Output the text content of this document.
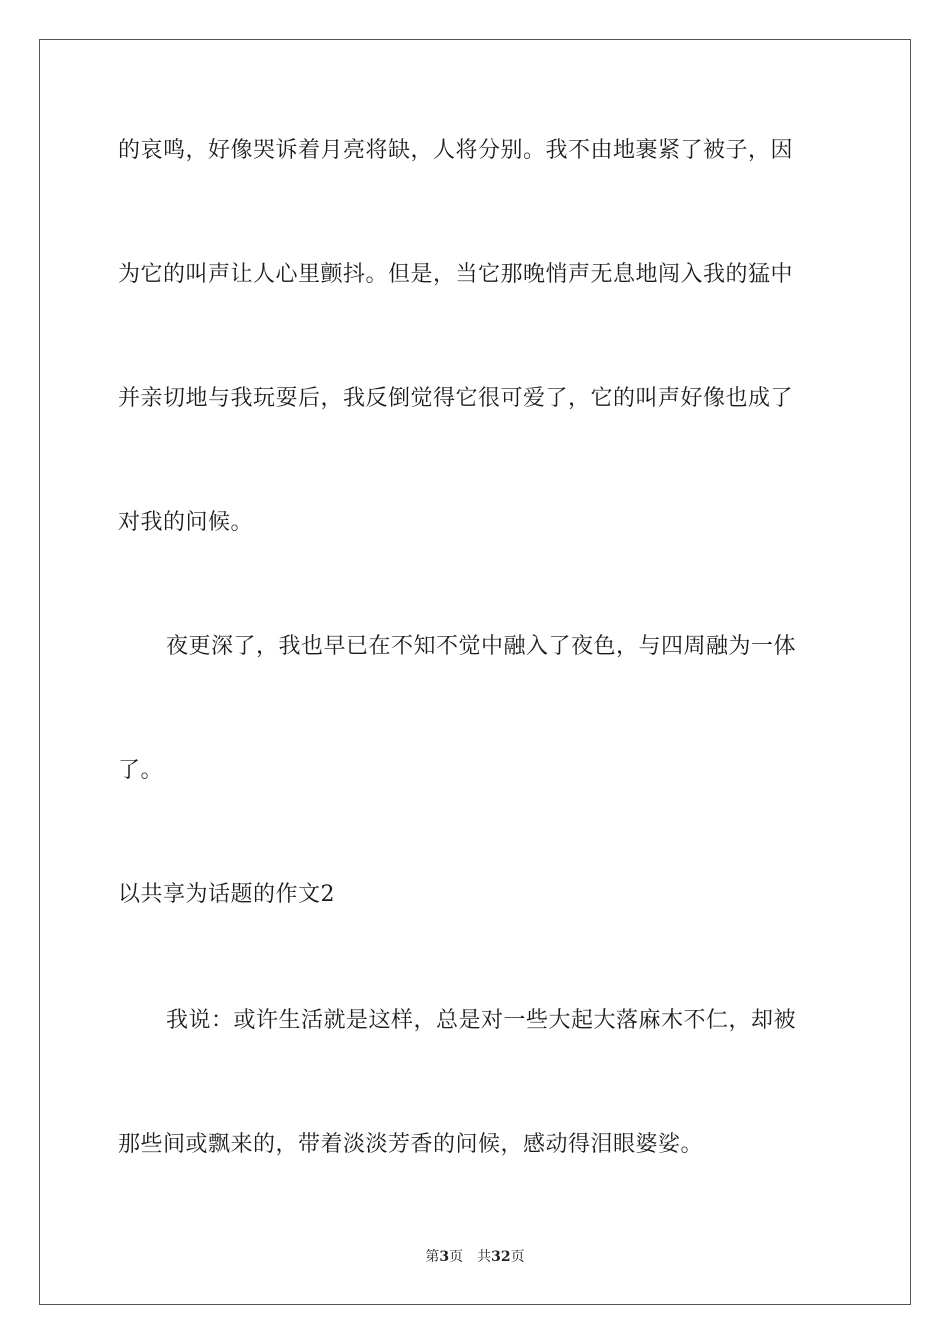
的哀鸣，好像哭诉着月亮将缺，人将分别。我不由地裹紧了被子，因
为它的叫声让人心里颤抖。但是，当它那晚悄声无息地闯入我的猛中
并亲切地与我玩耍后，我反倒觉得它很可爱了，它的叫声好像也成了
对我的问候。
夜更深了，我也早已在不知不觉中融入了夜色，与四周融为一体
了。
以共享为话题的作文2
我说：或许生活就是这样，总是对一些大起大落麻木不仁，却被
那些间或飘来的，带着淡淡芳香的问候，感动得泪眼婆娑。
第3页 共32页
